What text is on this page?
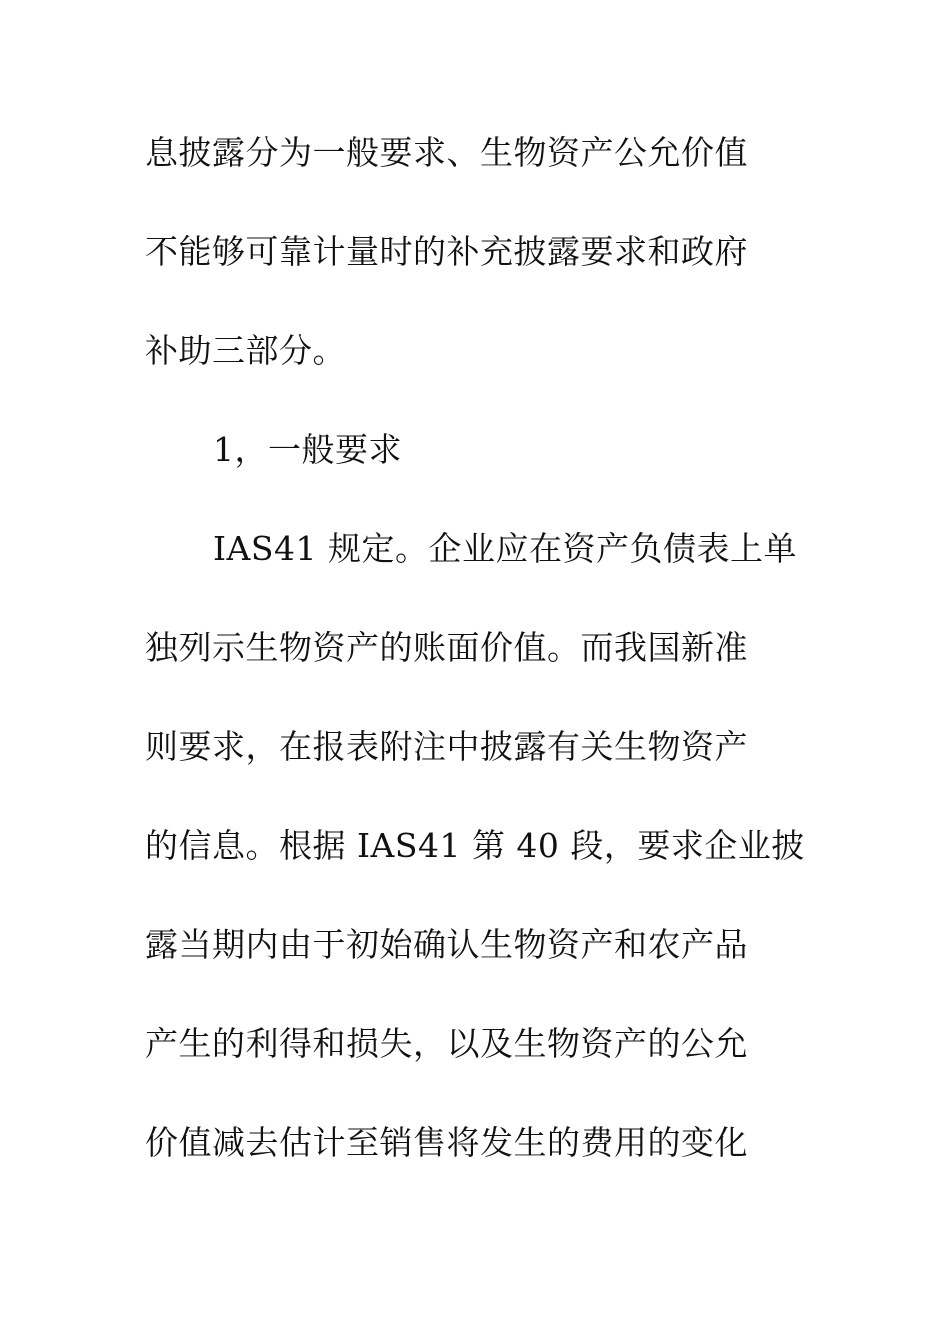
息披露分为一般要求、生物资产公允价值
不能够可靠计量时的补充披露要求和政府
补助三部分。
1，一般要求
IAS41 规定。企业应在资产负债表上单
独列示生物资产的账面价值。而我国新准
则要求，在报表附注中披露有关生物资产
的信息。根据 IAS41 第 40 段，要求企业披
露当期内由于初始确认生物资产和农产品
产生的利得和损失，以及生物资产的公允
价值减去估计至销售将发生的费用的变化
